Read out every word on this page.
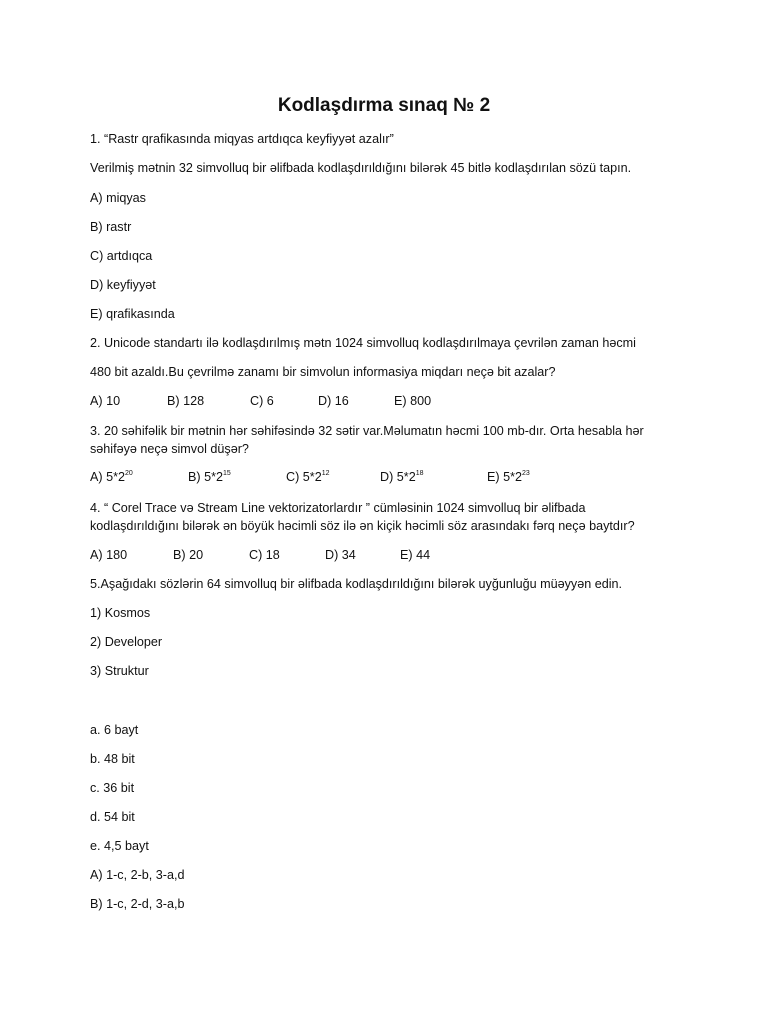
Kodlaşdırma sınaq № 2
1. “Rastr qrafikasında miqyas artdıqca keyfiyyət azalır”
Verilmiş mətnin 32 simvolluq bir əlifbada kodlaşdırıldığını bilərək 45 bitlə kodlaşdırılan sözü tapın.
A) miqyas
B) rastr
C) artdıqca
D) keyfiyyət
E) qrafikasında
2. Unicode standartı ilə kodlaşdırılmış mətn 1024 simvolluq kodlaşdırılmaya çevrilən zaman həcmi
480 bit azaldı.Bu çevrilmə zanamı bir simvolun informasiya miqdarı neçə bit azalar?
A) 10	B) 128	C) 6	D) 16	E) 800
3. 20 səhifəlik bir mətnin hər səhifəsində 32 sətir var.Məlumatın həcmi 100 mb-dır. Orta hesabla hər səhifəyə neçə simvol düşər?
A) $5*2^{20}$	B) $5*2^{15}$	C) $5*2^{12}$	D) $5*2^{18}$	E) $5*2^{23}$
4. “ Corel Trace və Stream Line vektorizatorlardır ” cümləsinin 1024 simvolluq bir əlifbada kodlaşdırıldığını bilərək ən böyük həcimli söz ilə ən kiçik həcimli söz arasındakı fərq neçə baytdır?
A) 180	B) 20	C) 18	D) 34	E) 44
5.Aşağıdakı sözlərin 64 simvolluq bir əlifbada kodlaşdırıldığını bilərək uyğunluğu müəyyən edin.
1) Kosmos
2) Developer
3) Struktur
a. 6 bayt
b. 48 bit
c. 36 bit
d. 54 bit
e. 4,5 bayt
A) 1-c, 2-b, 3-a,d
B) 1-c, 2-d, 3-a,b
